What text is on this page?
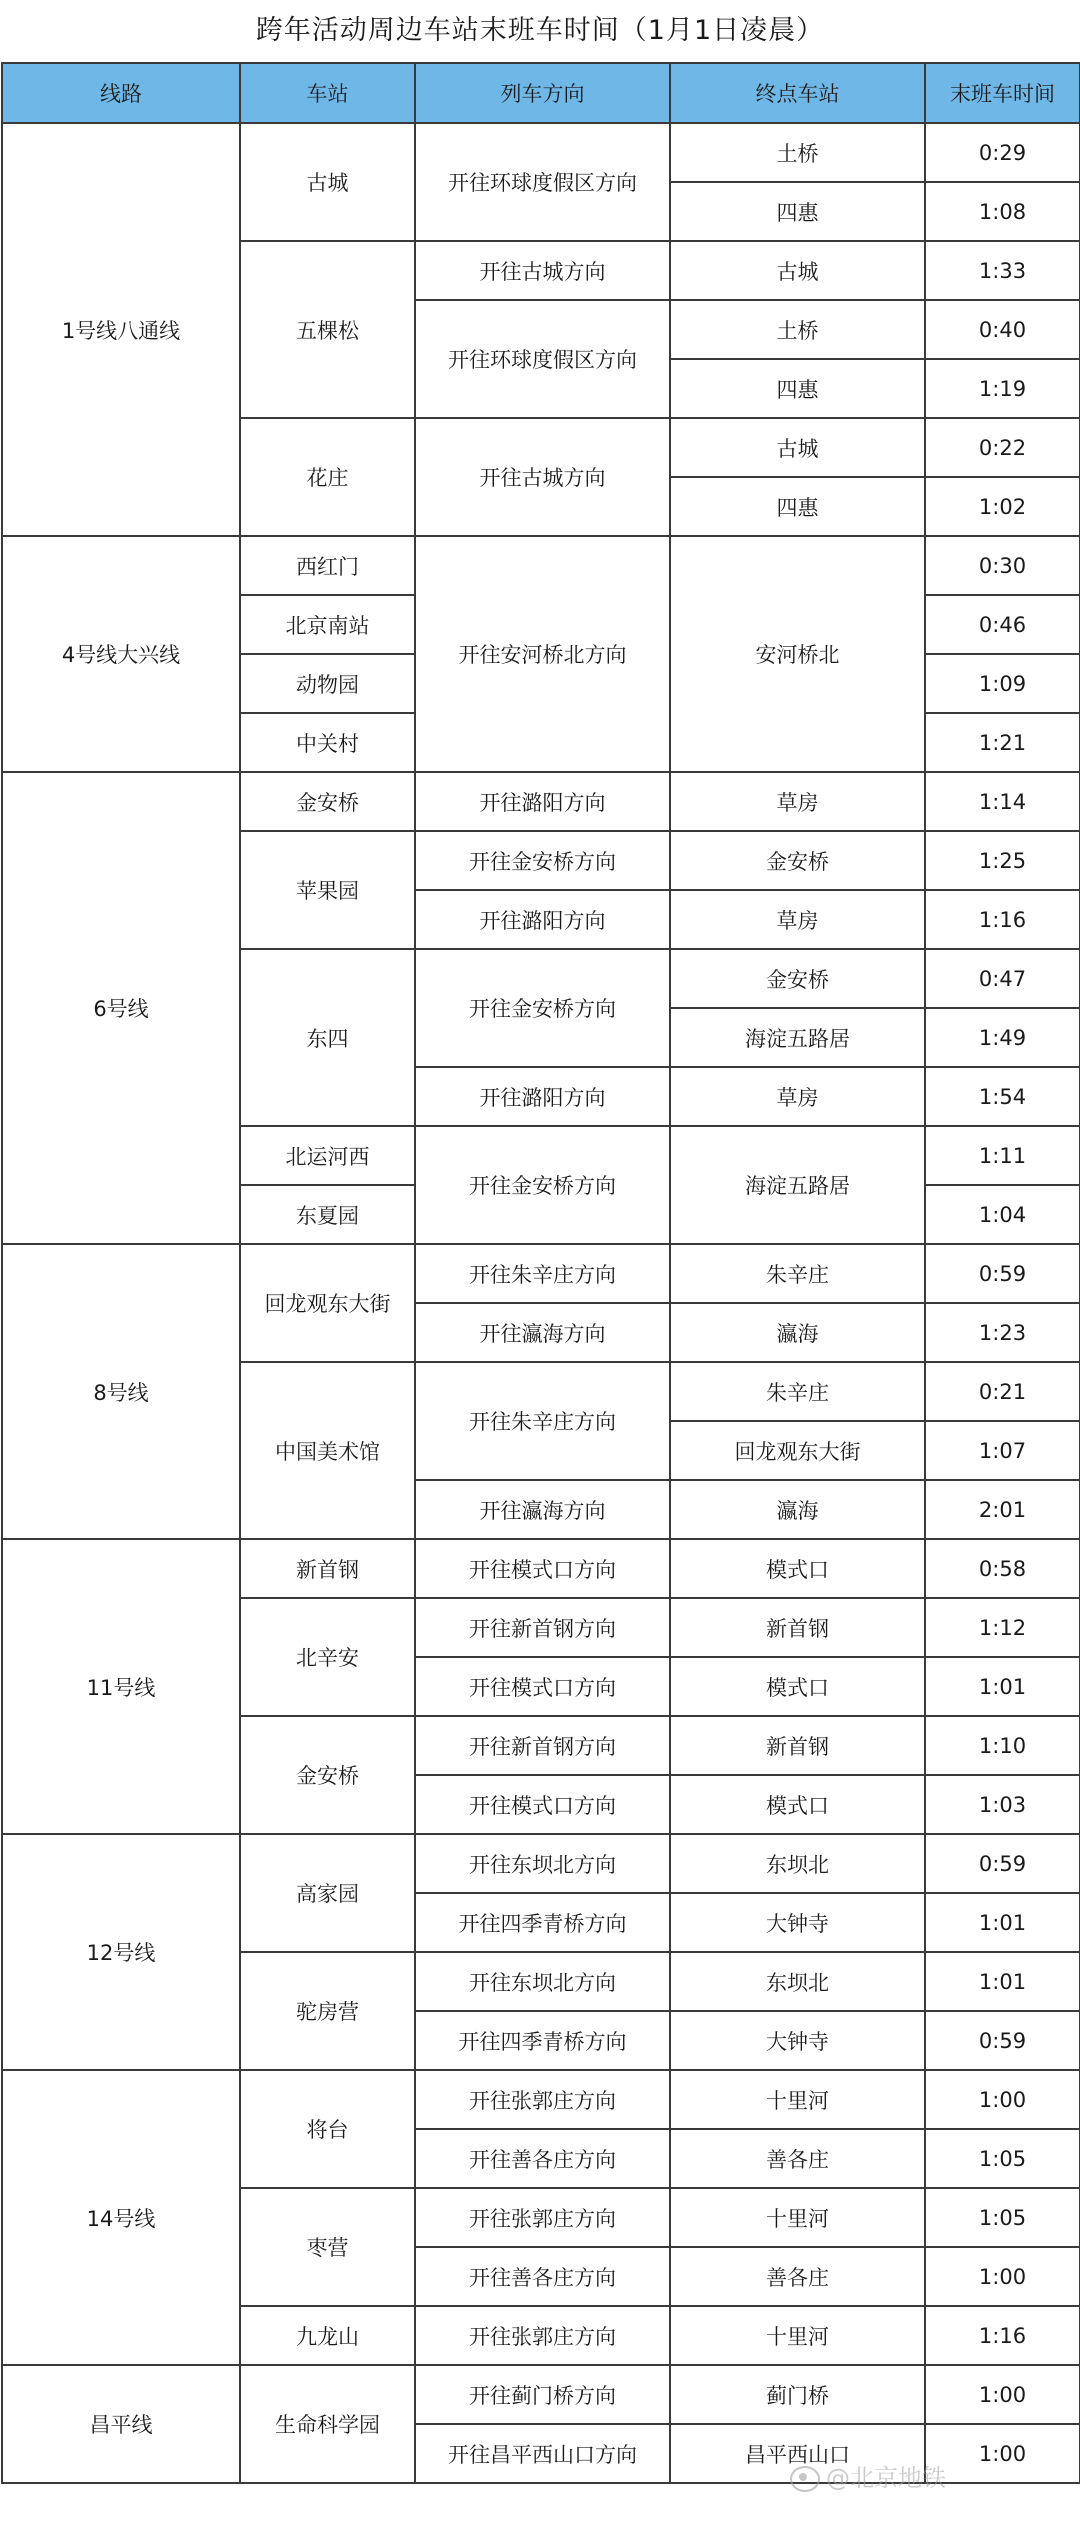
跨年活动周边车站末班车时间（1月1日凌晨）
线路	车站	列车方向	终点车站	末班车时间
1号线八通线	古城	开往环球度假区方向	土桥	0:29
			四惠	1:08
	五棵松	开往古城方向	古城	1:33
		开往环球度假区方向	土桥	0:40
			四惠	1:19
	花庄	开往古城方向	古城	0:22
			四惠	1:02
4号线大兴线	西红门	开往安河桥北方向	安河桥北	0:30
	北京南站			0:46
	动物园			1:09
	中关村			1:21
6号线	金安桥	开往潞阳方向	草房	1:14
	苹果园	开往金安桥方向	金安桥	1:25
		开往潞阳方向	草房	1:16
	东四	开往金安桥方向	金安桥	0:47
			海淀五路居	1:49
		开往潞阳方向	草房	1:54
	北运河西	开往金安桥方向	海淀五路居	1:11
	东夏园			1:04
8号线	回龙观东大街	开往朱辛庄方向	朱辛庄	0:59
		开往瀛海方向	瀛海	1:23
	中国美术馆	开往朱辛庄方向	朱辛庄	0:21
			回龙观东大街	1:07
		开往瀛海方向	瀛海	2:01
11号线	新首钢	开往模式口方向	模式口	0:58
	北辛安	开往新首钢方向	新首钢	1:12
		开往模式口方向	模式口	1:01
	金安桥	开往新首钢方向	新首钢	1:10
		开往模式口方向	模式口	1:03
12号线	高家园	开往东坝北方向	东坝北	0:59
		开往四季青桥方向	大钟寺	1:01
	驼房营	开往东坝北方向	东坝北	1:01
		开往四季青桥方向	大钟寺	0:59
14号线	将台	开往张郭庄方向	十里河	1:00
		开往善各庄方向	善各庄	1:05
	枣营	开往张郭庄方向	十里河	1:05
		开往善各庄方向	善各庄	1:00
	九龙山	开往张郭庄方向	十里河	1:16
昌平线	生命科学园	开往蓟门桥方向	蓟门桥	1:00
		开往昌平西山口方向	昌平西山口	1:00
@北京地铁
